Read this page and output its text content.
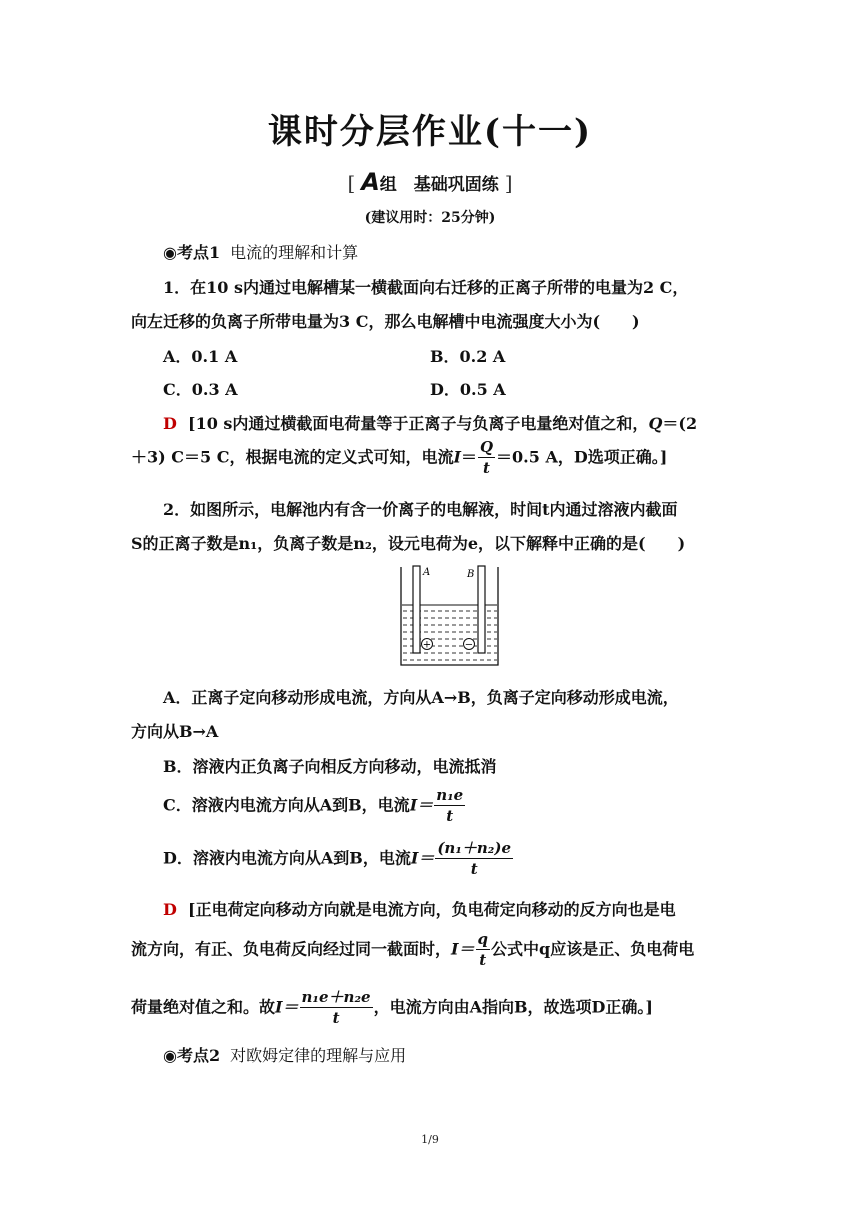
课时分层作业(十一)
[ A组　基础巩固练 ]
(建议用时：25分钟)
◉考点1 电流的理解和计算
1．在10 s内通过电解槽某一横截面向右迁移的正离子所带的电量为2 C，
向左迁移的负离子所带电量为3 C，那么电解槽中电流强度大小为(　　)
A．0.1 A	B．0.2 A
C．0.3 A	D．0.5 A
D [10 s内通过横截面电荷量等于正离子与负离子电量绝对值之和，Q＝(2
＋3) C＝5 C，根据电流的定义式可知，电流$I= \frac{Q}{t} =0.5$ A，D选项正确。]
2．如图所示，电解池内有含一价离子的电解液，时间t内通过溶液内截面
S的正离子数是n₁，负离子数是n₂，设元电荷为e，以下解释中正确的是(　　)
A	B
+	−
A．正离子定向移动形成电流，方向从A→B，负离子定向移动形成电流，
方向从B→A
B．溶液内正负离子向相反方向移动，电流抵消
C．溶液内电流方向从A到B，电流$I= \frac{\text{n₁e}}{t}$
D．溶液内电流方向从A到B，电流$I= \frac{\text{(n₁＋n₂)e}}{t}$
D [正电荷定向移动方向就是电流方向，负电荷定向移动的反方向也是电
流方向，有正、负电荷反向经过同一截面时，$I= \frac{q}{t}$ 公式中q应该是正、负电荷电
荷量绝对值之和。故$I= \frac{\text{n₁e＋n₂e}}{t}$ ，电流方向由A指向B，故选项D正确。]
◉考点2 对欧姆定律的理解与应用
1/9
